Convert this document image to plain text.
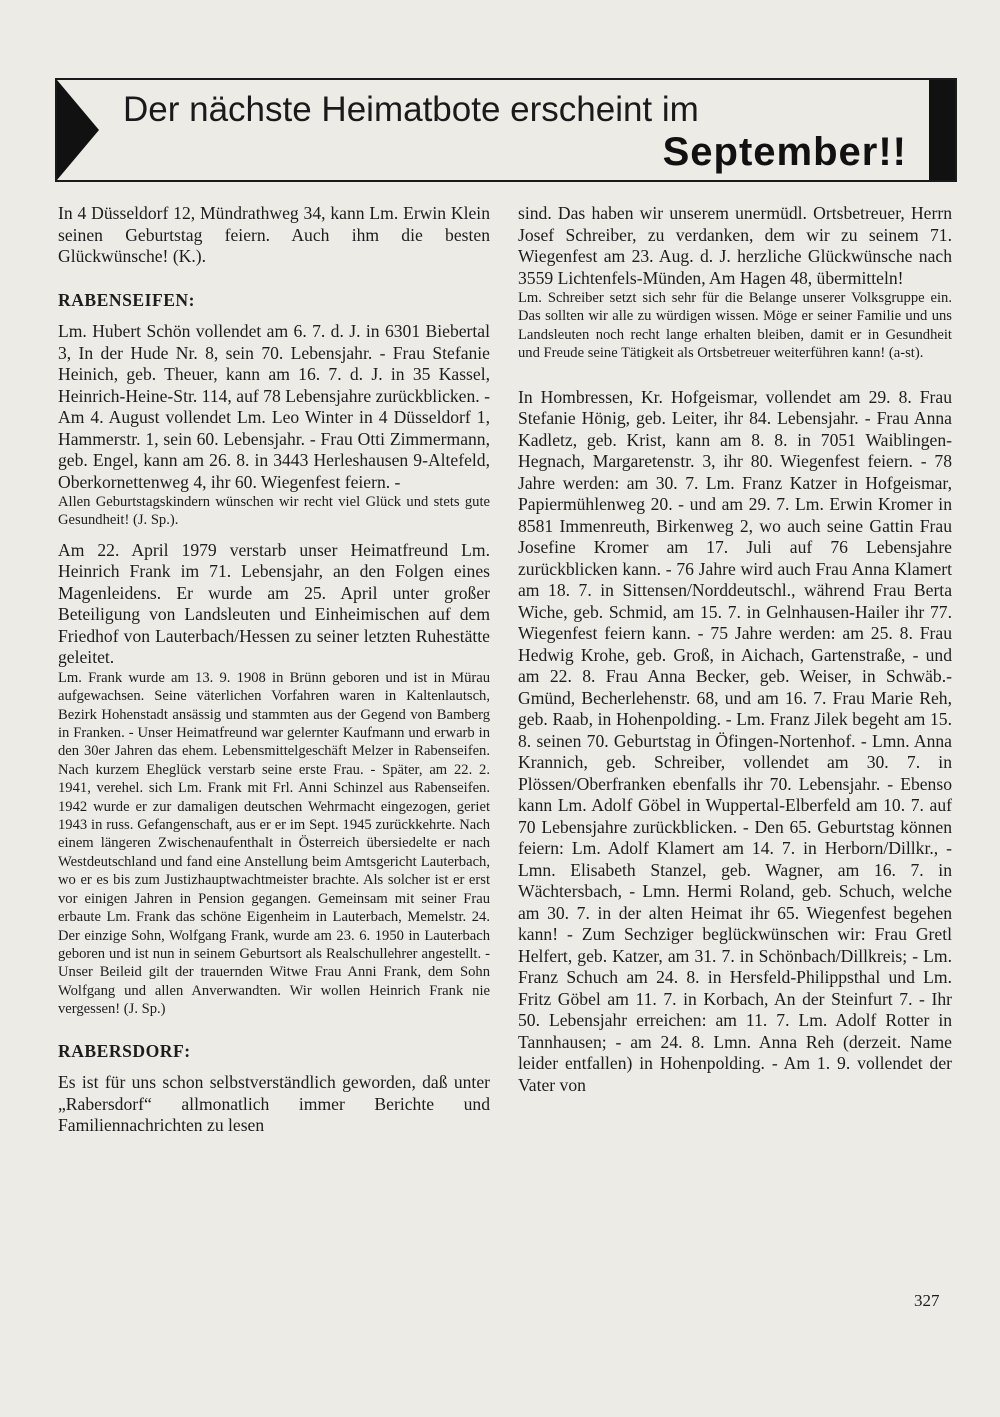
Der nächste Heimatbote erscheint im
September!!

In 4 Düsseldorf 12, Mündrathweg 34, kann Lm. Erwin Klein seinen Geburtstag feiern. Auch ihm die besten Glückwünsche! (K.).

RABENSEIFEN:

Lm. Hubert Schön vollendet am 6. 7. d. J. in 6301 Biebertal 3, In der Hude Nr. 8, sein 70. Lebensjahr. - Frau Stefanie Heinich, geb. Theuer, kann am 16. 7. d. J. in 35 Kassel, Heinrich-Heine-Str. 114, auf 78 Lebensjahre zurückblicken. - Am 4. August vollendet Lm. Leo Winter in 4 Düsseldorf 1, Hammerstr. 1, sein 60. Lebensjahr. - Frau Otti Zimmermann, geb. Engel, kann am 26. 8. in 3443 Herleshausen 9-Altefeld, Oberkornettenweg 4, ihr 60. Wiegenfest feiern. -

Allen Geburtstagskindern wünschen wir recht viel Glück und stets gute Gesundheit! (J. Sp.).

Am 22. April 1979 verstarb unser Heimatfreund Lm. Heinrich Frank im 71. Lebensjahr, an den Folgen eines Magenleidens. Er wurde am 25. April unter großer Beteiligung von Landsleuten und Einheimischen auf dem Friedhof von Lauterbach/Hessen zu seiner letzten Ruhestätte geleitet.

Lm. Frank wurde am 13. 9. 1908 in Brünn geboren und ist in Mürau aufgewachsen. Seine väterlichen Vorfahren waren in Kaltenlautsch, Bezirk Hohenstadt ansässig und stammten aus der Gegend von Bamberg in Franken. - Unser Heimatfreund war gelernter Kaufmann und erwarb in den 30er Jahren das ehem. Lebensmittelgeschäft Melzer in Rabenseifen. Nach kurzem Eheglück verstarb seine erste Frau. - Später, am 22. 2. 1941, verehel. sich Lm. Frank mit Frl. Anni Schinzel aus Rabenseifen. 1942 wurde er zur damaligen deutschen Wehrmacht eingezogen, geriet 1943 in russ. Gefangenschaft, aus er er im Sept. 1945 zurückkehrte. Nach einem längeren Zwischenaufenthalt in Österreich übersiedelte er nach Westdeutschland und fand eine Anstellung beim Amtsgericht Lauterbach, wo er es bis zum Justizhauptwachtmeister brachte. Als solcher ist er erst vor einigen Jahren in Pension gegangen. Gemeinsam mit seiner Frau erbaute Lm. Frank das schöne Eigenheim in Lauterbach, Memelstr. 24. Der einzige Sohn, Wolfgang Frank, wurde am 23. 6. 1950 in Lauterbach geboren und ist nun in seinem Geburtsort als Realschullehrer angestellt. - Unser Beileid gilt der trauernden Witwe Frau Anni Frank, dem Sohn Wolfgang und allen Anverwandten. Wir wollen Heinrich Frank nie vergessen! (J. Sp.)

RABERSDORF:

Es ist für uns schon selbstverständlich geworden, daß unter „Rabersdorf“ allmonatlich immer Berichte und Familiennachrichten zu lesen

sind. Das haben wir unserem unermüdl. Ortsbetreuer, Herrn Josef Schreiber, zu verdanken, dem wir zu seinem 71. Wiegenfest am 23. Aug. d. J. herzliche Glückwünsche nach 3559 Lichtenfels-Münden, Am Hagen 48, übermitteln!

Lm. Schreiber setzt sich sehr für die Belange unserer Volksgruppe ein. Das sollten wir alle zu würdigen wissen. Möge er seiner Familie und uns Landsleuten noch recht lange erhalten bleiben, damit er in Gesundheit und Freude seine Tätigkeit als Ortsbetreuer weiterführen kann! (a-st).

In Hombressen, Kr. Hofgeismar, vollendet am 29. 8. Frau Stefanie Hönig, geb. Leiter, ihr 84. Lebensjahr. - Frau Anna Kadletz, geb. Krist, kann am 8. 8. in 7051 Waiblingen-Hegnach, Margaretenstr. 3, ihr 80. Wiegenfest feiern. - 78 Jahre werden: am 30. 7. Lm. Franz Katzer in Hofgeismar, Papiermühlenweg 20. - und am 29. 7. Lm. Erwin Kromer in 8581 Immenreuth, Birkenweg 2, wo auch seine Gattin Frau Josefine Kromer am 17. Juli auf 76 Lebensjahre zurückblicken kann. - 76 Jahre wird auch Frau Anna Klamert am 18. 7. in Sittensen/Norddeutschl., während Frau Berta Wiche, geb. Schmid, am 15. 7. in Gelnhausen-Hailer ihr 77. Wiegenfest feiern kann. - 75 Jahre werden: am 25. 8. Frau Hedwig Krohe, geb. Groß, in Aichach, Gartenstraße, - und am 22. 8. Frau Anna Becker, geb. Weiser, in Schwäb.-Gmünd, Becherlehenstr. 68, und am 16. 7. Frau Marie Reh, geb. Raab, in Hohenpolding. - Lm. Franz Jilek begeht am 15. 8. seinen 70. Geburtstag in Öfingen-Nortenhof. - Lmn. Anna Krannich, geb. Schreiber, vollendet am 30. 7. in Plössen/Oberfranken ebenfalls ihr 70. Lebensjahr. - Ebenso kann Lm. Adolf Göbel in Wuppertal-Elberfeld am 10. 7. auf 70 Lebensjahre zurückblicken. - Den 65. Geburtstag können feiern: Lm. Adolf Klamert am 14. 7. in Herborn/Dillkr., - Lmn. Elisabeth Stanzel, geb. Wagner, am 16. 7. in Wächtersbach, - Lmn. Hermi Roland, geb. Schuch, welche am 30. 7. in der alten Heimat ihr 65. Wiegenfest begehen kann! - Zum Sechziger beglückwünschen wir: Frau Gretl Helfert, geb. Katzer, am 31. 7. in Schönbach/Dillkreis; - Lm. Franz Schuch am 24. 8. in Hersfeld-Philippsthal und Lm. Fritz Göbel am 11. 7. in Korbach, An der Steinfurt 7. - Ihr 50. Lebensjahr erreichen: am 11. 7. Lm. Adolf Rotter in Tannhausen; - am 24. 8. Lmn. Anna Reh (derzeit. Name leider entfallen) in Hohenpolding. - Am 1. 9. vollendet der Vater von

327
